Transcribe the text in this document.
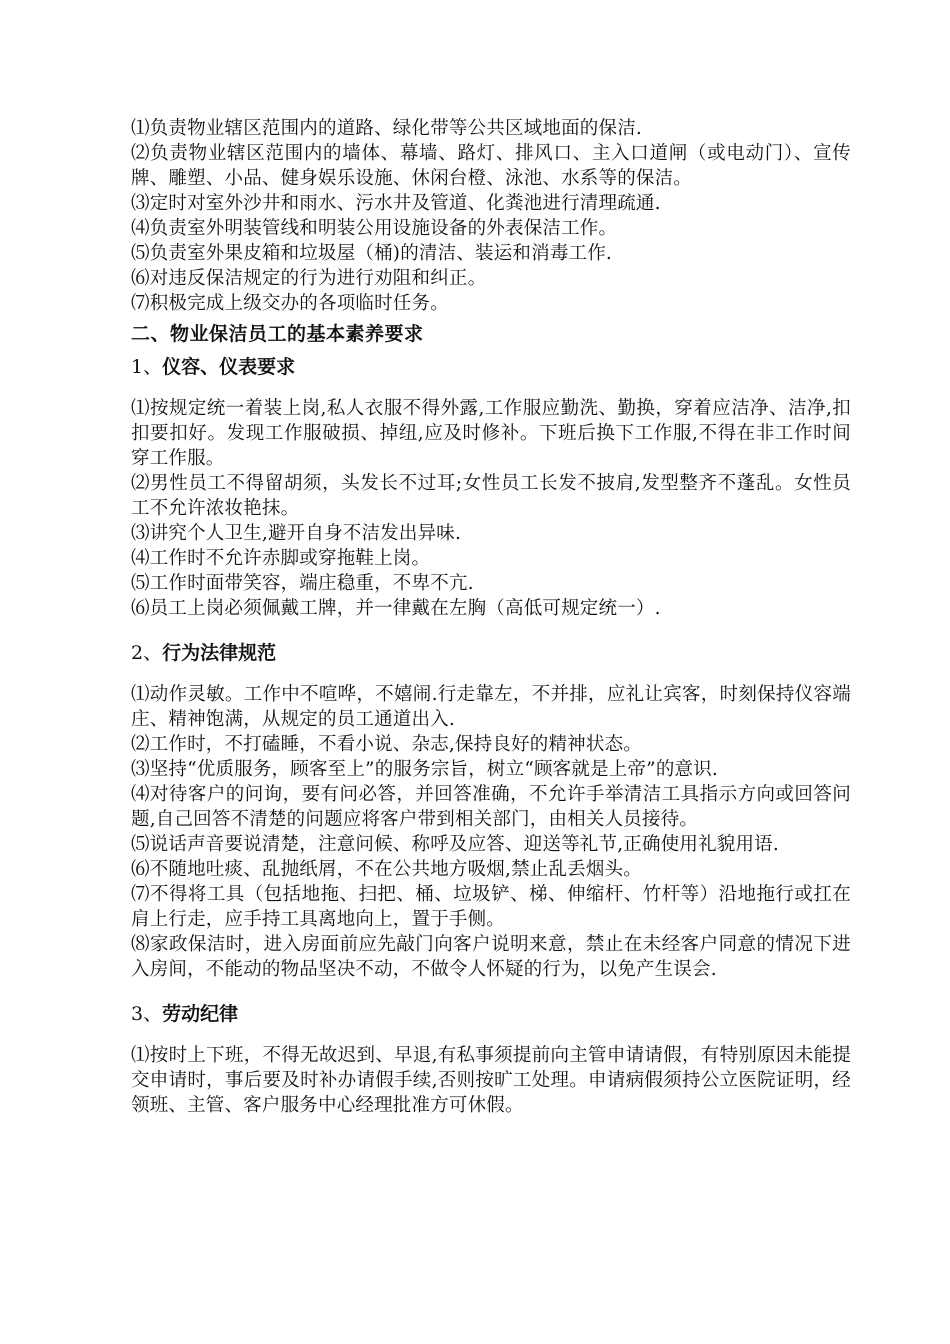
⑴负责物业辖区范围内的道路、绿化带等公共区域地面的保洁.

⑵负责物业辖区范围内的墙体、幕墙、路灯、排风口、主入口道闸（或电动门）、宣传牌、雕塑、小品、健身娱乐设施、休闲台橙、泳池、水系等的保洁。

⑶定时对室外沙井和雨水、污水井及管道、化粪池进行清理疏通.

⑷负责室外明装管线和明装公用设施设备的外表保洁工作。

⑸负责室外果皮箱和垃圾屋（桶)的清洁、装运和消毒工作.

⑹对违反保洁规定的行为进行劝阻和纠正。

⑺积极完成上级交办的各项临时任务。

二、物业保洁员工的基本素养要求
1、仪容、仪表要求

⑴按规定统一着装上岗,私人衣服不得外露,工作服应勤洗、勤换，穿着应洁净、洁净,扣扣要扣好。发现工作服破损、掉纽,应及时修补。下班后换下工作服,不得在非工作时间穿工作服。

⑵男性员工不得留胡须，头发长不过耳;女性员工长发不披肩,发型整齐不蓬乱。女性员工不允许浓妆艳抹。

⑶讲究个人卫生,避开自身不洁发出异味.

⑷工作时不允许赤脚或穿拖鞋上岗。

⑸工作时面带笑容，端庄稳重，不卑不亢.

⑹员工上岗必须佩戴工牌，并一律戴在左胸（高低可规定统一）.

2、行为法律规范

⑴动作灵敏。工作中不喧哗，不嬉闹.行走靠左，不并排，应礼让宾客，时刻保持仪容端庄、精神饱满，从规定的员工通道出入.

⑵工作时，不打磕睡，不看小说、杂志,保持良好的精神状态。

⑶坚持“优质服务，顾客至上”的服务宗旨，树立“顾客就是上帝”的意识.

⑷对待客户的问询，要有问必答，并回答准确，不允许手举清洁工具指示方向或回答问题,自己回答不清楚的问题应将客户带到相关部门，由相关人员接待。

⑸说话声音要说清楚，注意问候、称呼及应答、迎送等礼节,正确使用礼貌用语.

⑹不随地吐痰、乱抛纸屑，不在公共地方吸烟,禁止乱丢烟头。

⑺不得将工具（包括地拖、扫把、桶、垃圾铲、梯、伸缩杆、竹杆等）沿地拖行或扛在肩上行走，应手持工具离地向上，置于手侧。

⑻家政保洁时，进入房面前应先敲门向客户说明来意，禁止在未经客户同意的情况下进入房间，不能动的物品坚决不动，不做令人怀疑的行为，以免产生误会.

3、劳动纪律

⑴按时上下班，不得无故迟到、早退,有私事须提前向主管申请请假，有特别原因未能提交申请时，事后要及时补办请假手续,否则按旷工处理。申请病假须持公立医院证明，经领班、主管、客户服务中心经理批准方可休假。
